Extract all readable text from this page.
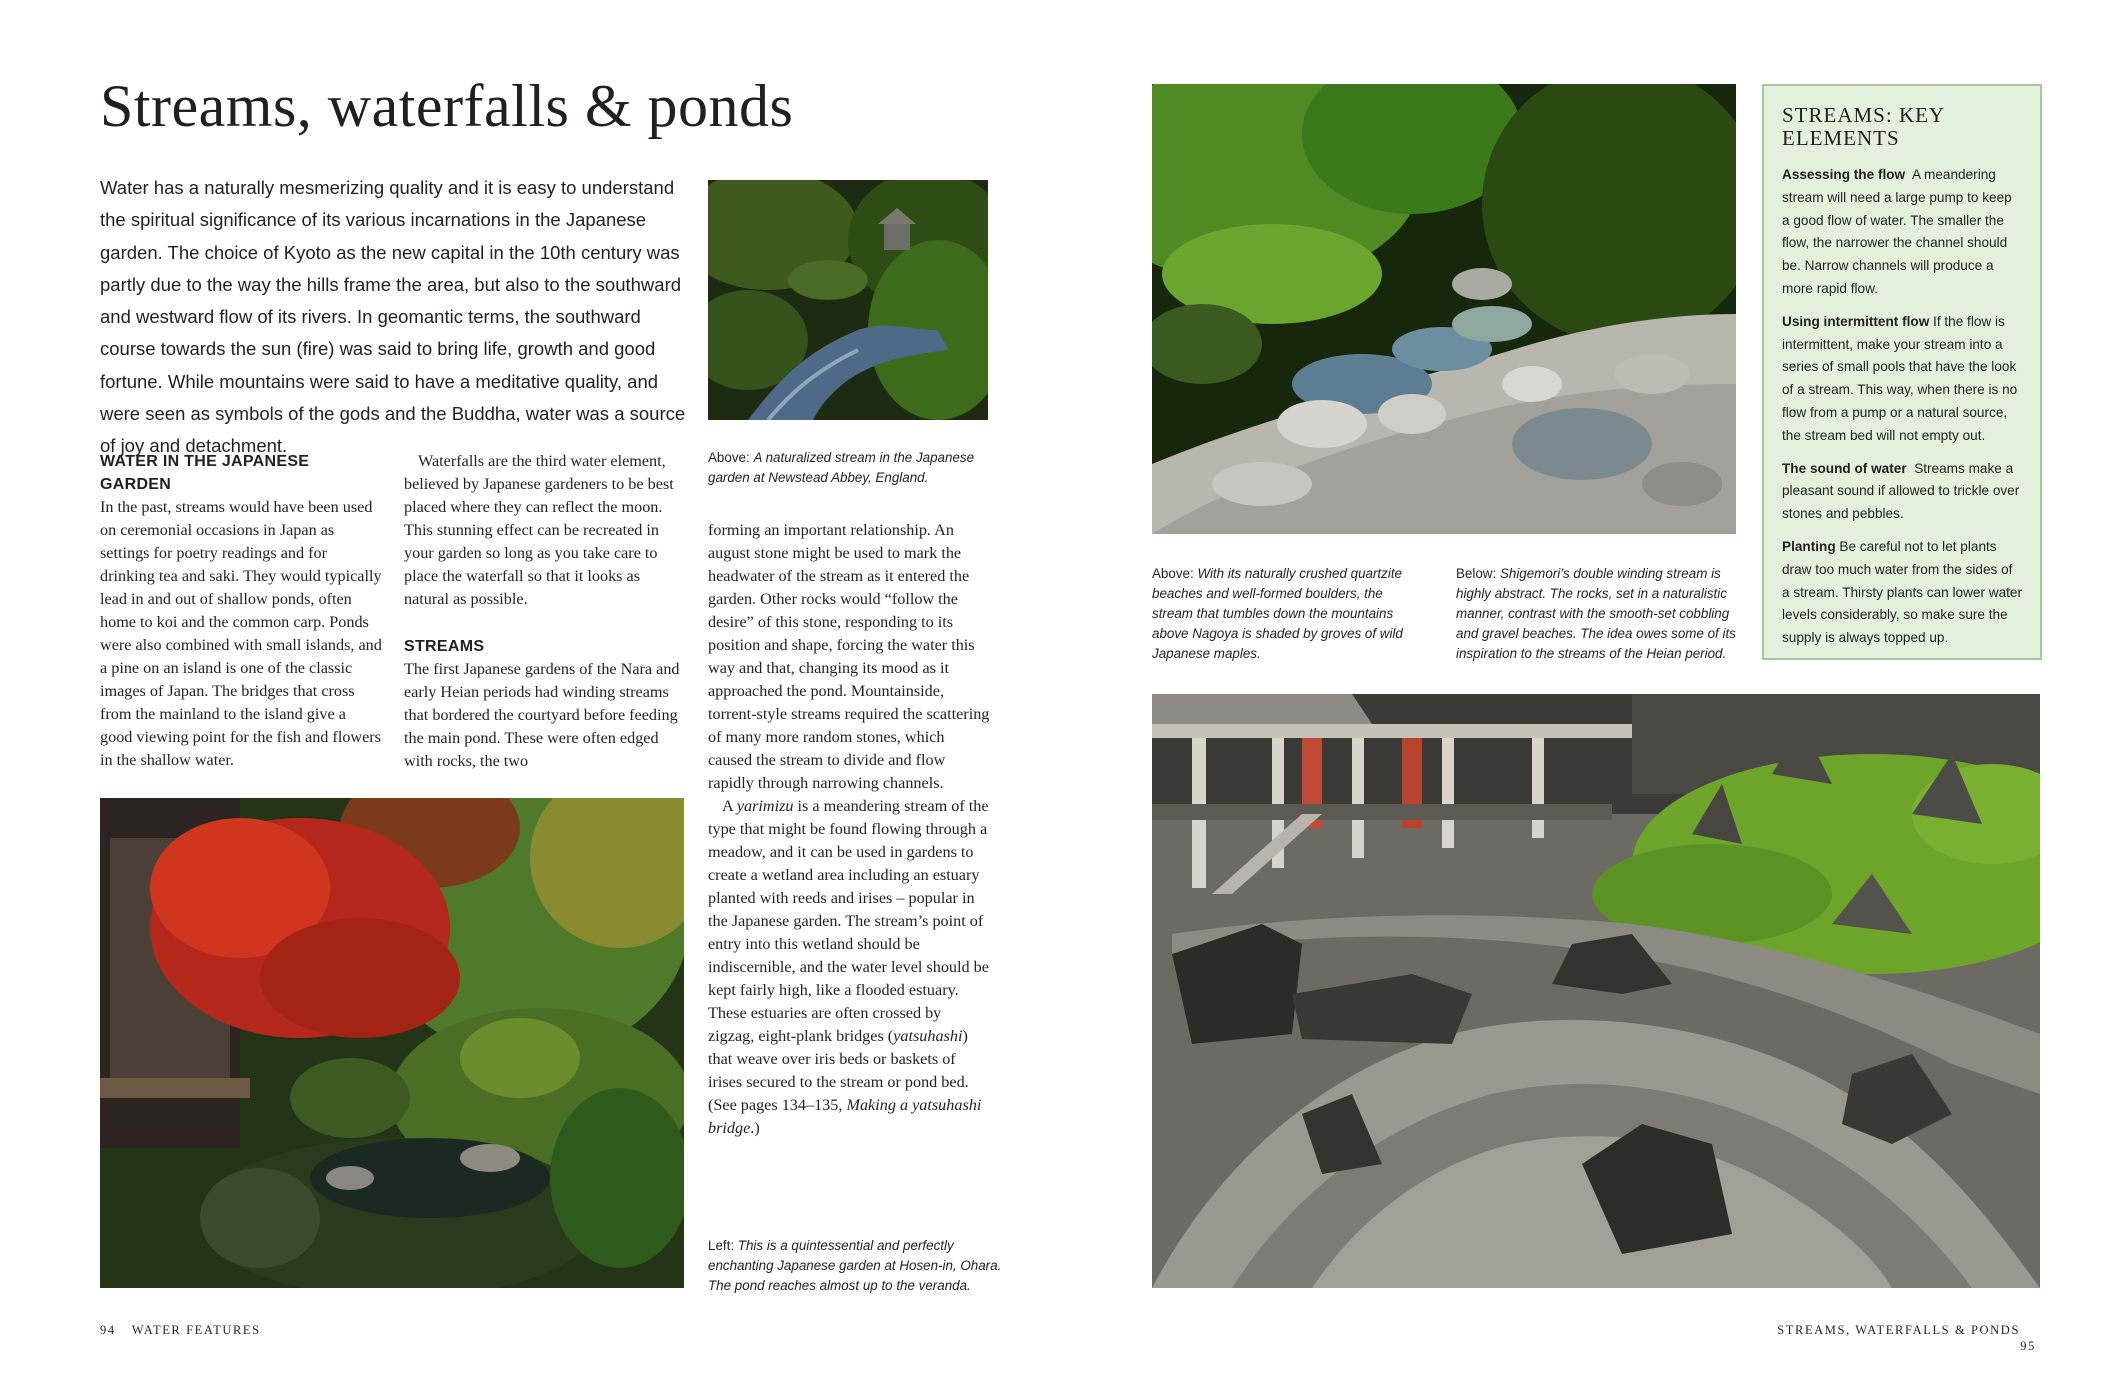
Streams, waterfalls & ponds
Water has a naturally mesmerizing quality and it is easy to understand the spiritual significance of its various incarnations in the Japanese garden. The choice of Kyoto as the new capital in the 10th century was partly due to the way the hills frame the area, but also to the southward and westward flow of its rivers. In geomantic terms, the southward course towards the sun (fire) was said to bring life, growth and good fortune. While mountains were said to have a meditative quality, and were seen as symbols of the gods and the Buddha, water was a source of joy and detachment.
Above: A naturalized stream in the Japanese garden at Newstead Abbey, England.
WATER IN THE JAPANESE GARDEN

In the past, streams would have been used on ceremonial occasions in Japan as settings for poetry readings and for drinking tea and saki. They would typically lead in and out of shallow ponds, often home to koi and the common carp. Ponds were also combined with small islands, and a pine on an island is one of the classic images of Japan. The bridges that cross from the mainland to the island give a good viewing point for the fish and flowers in the shallow water.

Waterfalls are the third water element, believed by Japanese gardeners to be best placed where they can reflect the moon. This stunning effect can be recreated in your garden so long as you take care to place the waterfall so that it looks as natural as possible.

STREAMS

The first Japanese gardens of the Nara and early Heian periods had winding streams that bordered the courtyard before feeding the main pond. These were often edged with rocks, the two

forming an important relationship. An august stone might be used to mark the headwater of the stream as it entered the garden. Other rocks would “follow the desire” of this stone, responding to its position and shape, forcing the water this way and that, changing its mood as it approached the pond. Mountainside, torrent-style streams required the scattering of many more random stones, which caused the stream to divide and flow rapidly through narrowing channels.

A yarimizu is a meandering stream of the type that might be found flowing through a meadow, and it can be used in gardens to create a wetland area including an estuary planted with reeds and irises – popular in the Japanese garden. The stream’s point of entry into this wetland should be indiscernible, and the water level should be kept fairly high, like a flooded estuary. These estuaries are often crossed by zigzag, eight-plank bridges (yatsuhashi) that weave over iris beds or baskets of irises secured to the stream or pond bed. (See pages 134–135, Making a yatsuhashi bridge.)

Left: This is a quintessential and perfectly enchanting Japanese garden at Hosen-in, Ohara. The pond reaches almost up to the veranda.
94 WATER FEATURES
Above: With its naturally crushed quartzite beaches and well-formed boulders, the stream that tumbles down the mountains above Nagoya is shaded by groves of wild Japanese maples.
Below: Shigemori’s double winding stream is highly abstract. The rocks, set in a naturalistic manner, contrast with the smooth-set cobbling and gravel beaches. The idea owes some of its inspiration to the streams of the Heian period.
STREAMS: KEY ELEMENTS

Assessing the flow A meandering stream will need a large pump to keep a good flow of water. The smaller the flow, the narrower the channel should be. Narrow channels will produce a more rapid flow.

Using intermittent flow If the flow is intermittent, make your stream into a series of small pools that have the look of a stream. This way, when there is no flow from a pump or a natural source, the stream bed will not empty out.

The sound of water Streams make a pleasant sound if allowed to trickle over stones and pebbles.

Planting Be careful not to let plants draw too much water from the sides of a stream. Thirsty plants can lower water levels considerably, so make sure the supply is always topped up.

STREAMS, WATERFALLS & PONDS95
